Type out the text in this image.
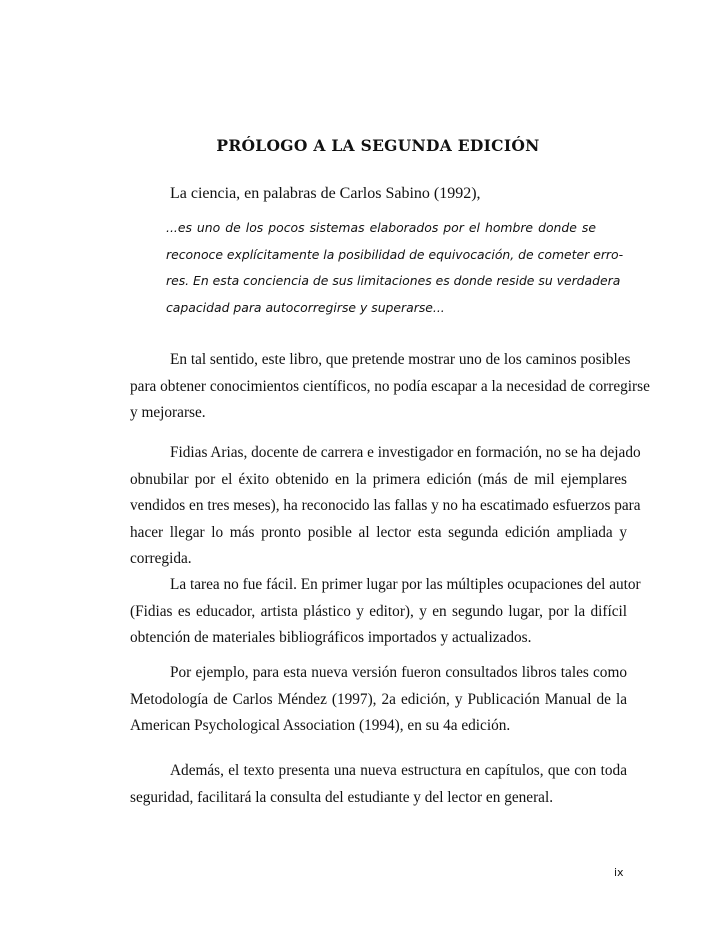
PRÓLOGO A LA SEGUNDA EDICIÓN
La ciencia, en palabras de Carlos Sabino (1992),
...es uno de los pocos sistemas elaborados por el hombre donde se
reconoce explícitamente la posibilidad de equivocación, de cometer erro-
res. En esta conciencia de sus limitaciones es donde reside su verdadera
capacidad para autocorregirse y superarse...
En tal sentido, este libro, que pretende mostrar uno de los caminos posibles
para obtener conocimientos científicos, no podía escapar a la necesidad de corregirse
y mejorarse.
Fidias Arias, docente de carrera e investigador en formación, no se ha dejado
obnubilar por el éxito obtenido en la primera edición (más de mil ejemplares
vendidos en tres meses), ha reconocido las fallas y no ha escatimado esfuerzos para
hacer llegar lo más pronto posible al lector esta segunda edición ampliada y
corregida.
La tarea no fue fácil. En primer lugar por las múltiples ocupaciones del autor
(Fidias es educador, artista plástico y editor), y en segundo lugar, por la difícil
obtención de materiales bibliográficos importados y actualizados.
Por ejemplo, para esta nueva versión fueron consultados libros tales como
Metodología de Carlos Méndez (1997), 2a edición, y Publicación Manual de la
American Psychological Association (1994), en su 4a edición.
Además, el texto presenta una nueva estructura en capítulos, que con toda
seguridad, facilitará la consulta del estudiante y del lector en general.
ix
